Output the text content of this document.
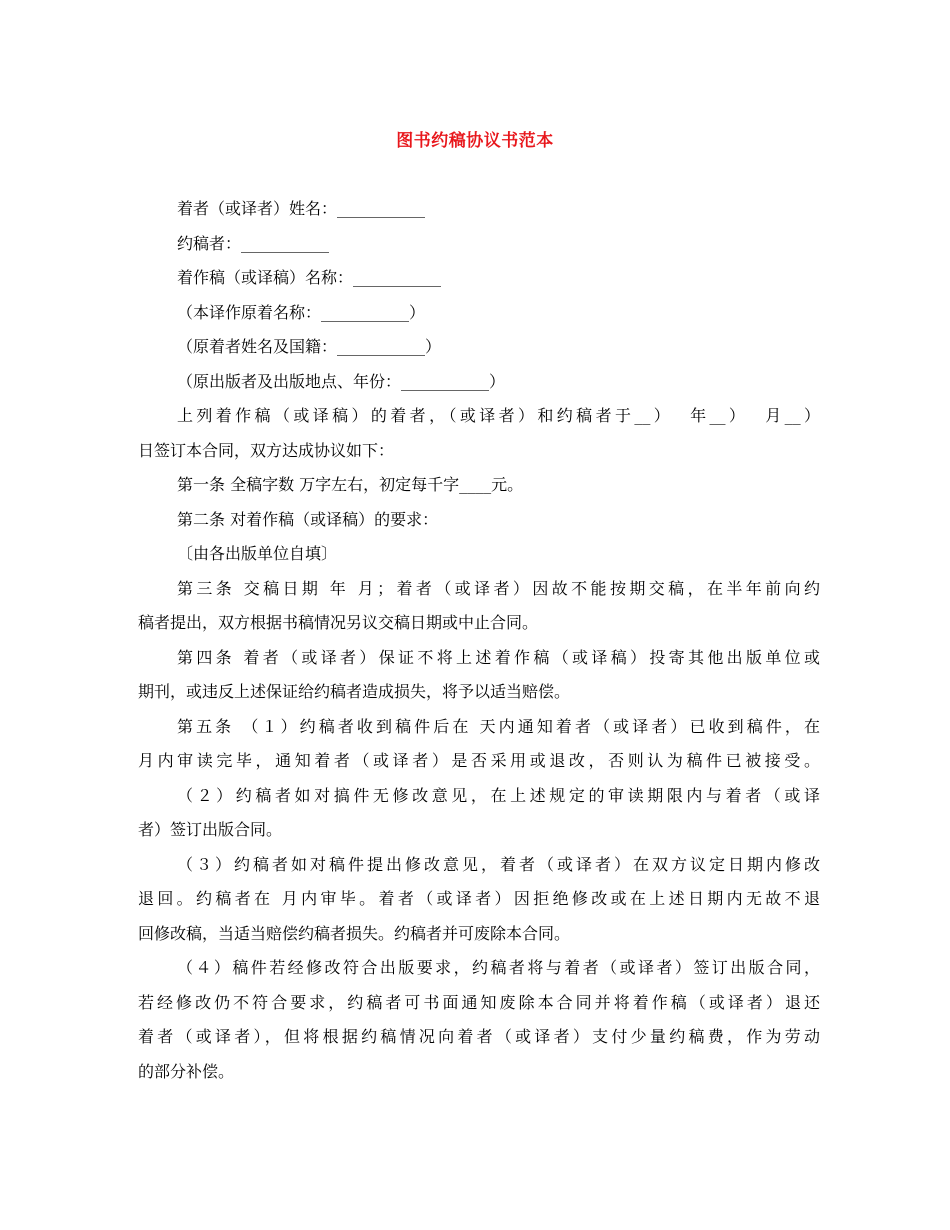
图书约稿协议书范本
着者（或译者）姓名：___________
约稿者：___________
着作稿（或译稿）名称：___________
（本译作原着名称：___________）
（原着者姓名及国籍：___________）
（原出版者及出版地点、年份：___________）
上列着作稿（或译稿）的着者，（或译者）和约稿者于__）  年__）  月__）
日签订本合同，双方达成协议如下：
第一条 全稿字数 万字左右，初定每千字____元。
第二条 对着作稿（或译稿）的要求：
〔由各出版单位自填〕
第三条 交稿日期 年 月；着者（或译者）因故不能按期交稿，在半年前向约
稿者提出，双方根据书稿情况另议交稿日期或中止合同。
第四条 着者（或译者）保证不将上述着作稿（或译稿）投寄其他出版单位或
期刊，或违反上述保证给约稿者造成损失，将予以适当赔偿。
第五条 （１）约稿者收到稿件后在 天内通知着者（或译者）已收到稿件，在
月内审读完毕，通知着者（或译者）是否采用或退改，否则认为稿件已被接受。
（２）约稿者如对搞件无修改意见，在上述规定的审读期限内与着者（或译
者）签订出版合同。
（３）约稿者如对稿件提出修改意见，着者（或译者）在双方议定日期内修改
退回。约稿者在 月内审毕。着者（或译者）因拒绝修改或在上述日期内无故不退
回修改稿，当适当赔偿约稿者损失。约稿者并可废除本合同。
（４）稿件若经修改符合出版要求，约稿者将与着者（或译者）签订出版合同，
若经修改仍不符合要求，约稿者可书面通知废除本合同并将着作稿（或译者）退还
着者（或译者），但将根据约稿情况向着者（或译者）支付少量约稿费，作为劳动
的部分补偿。
